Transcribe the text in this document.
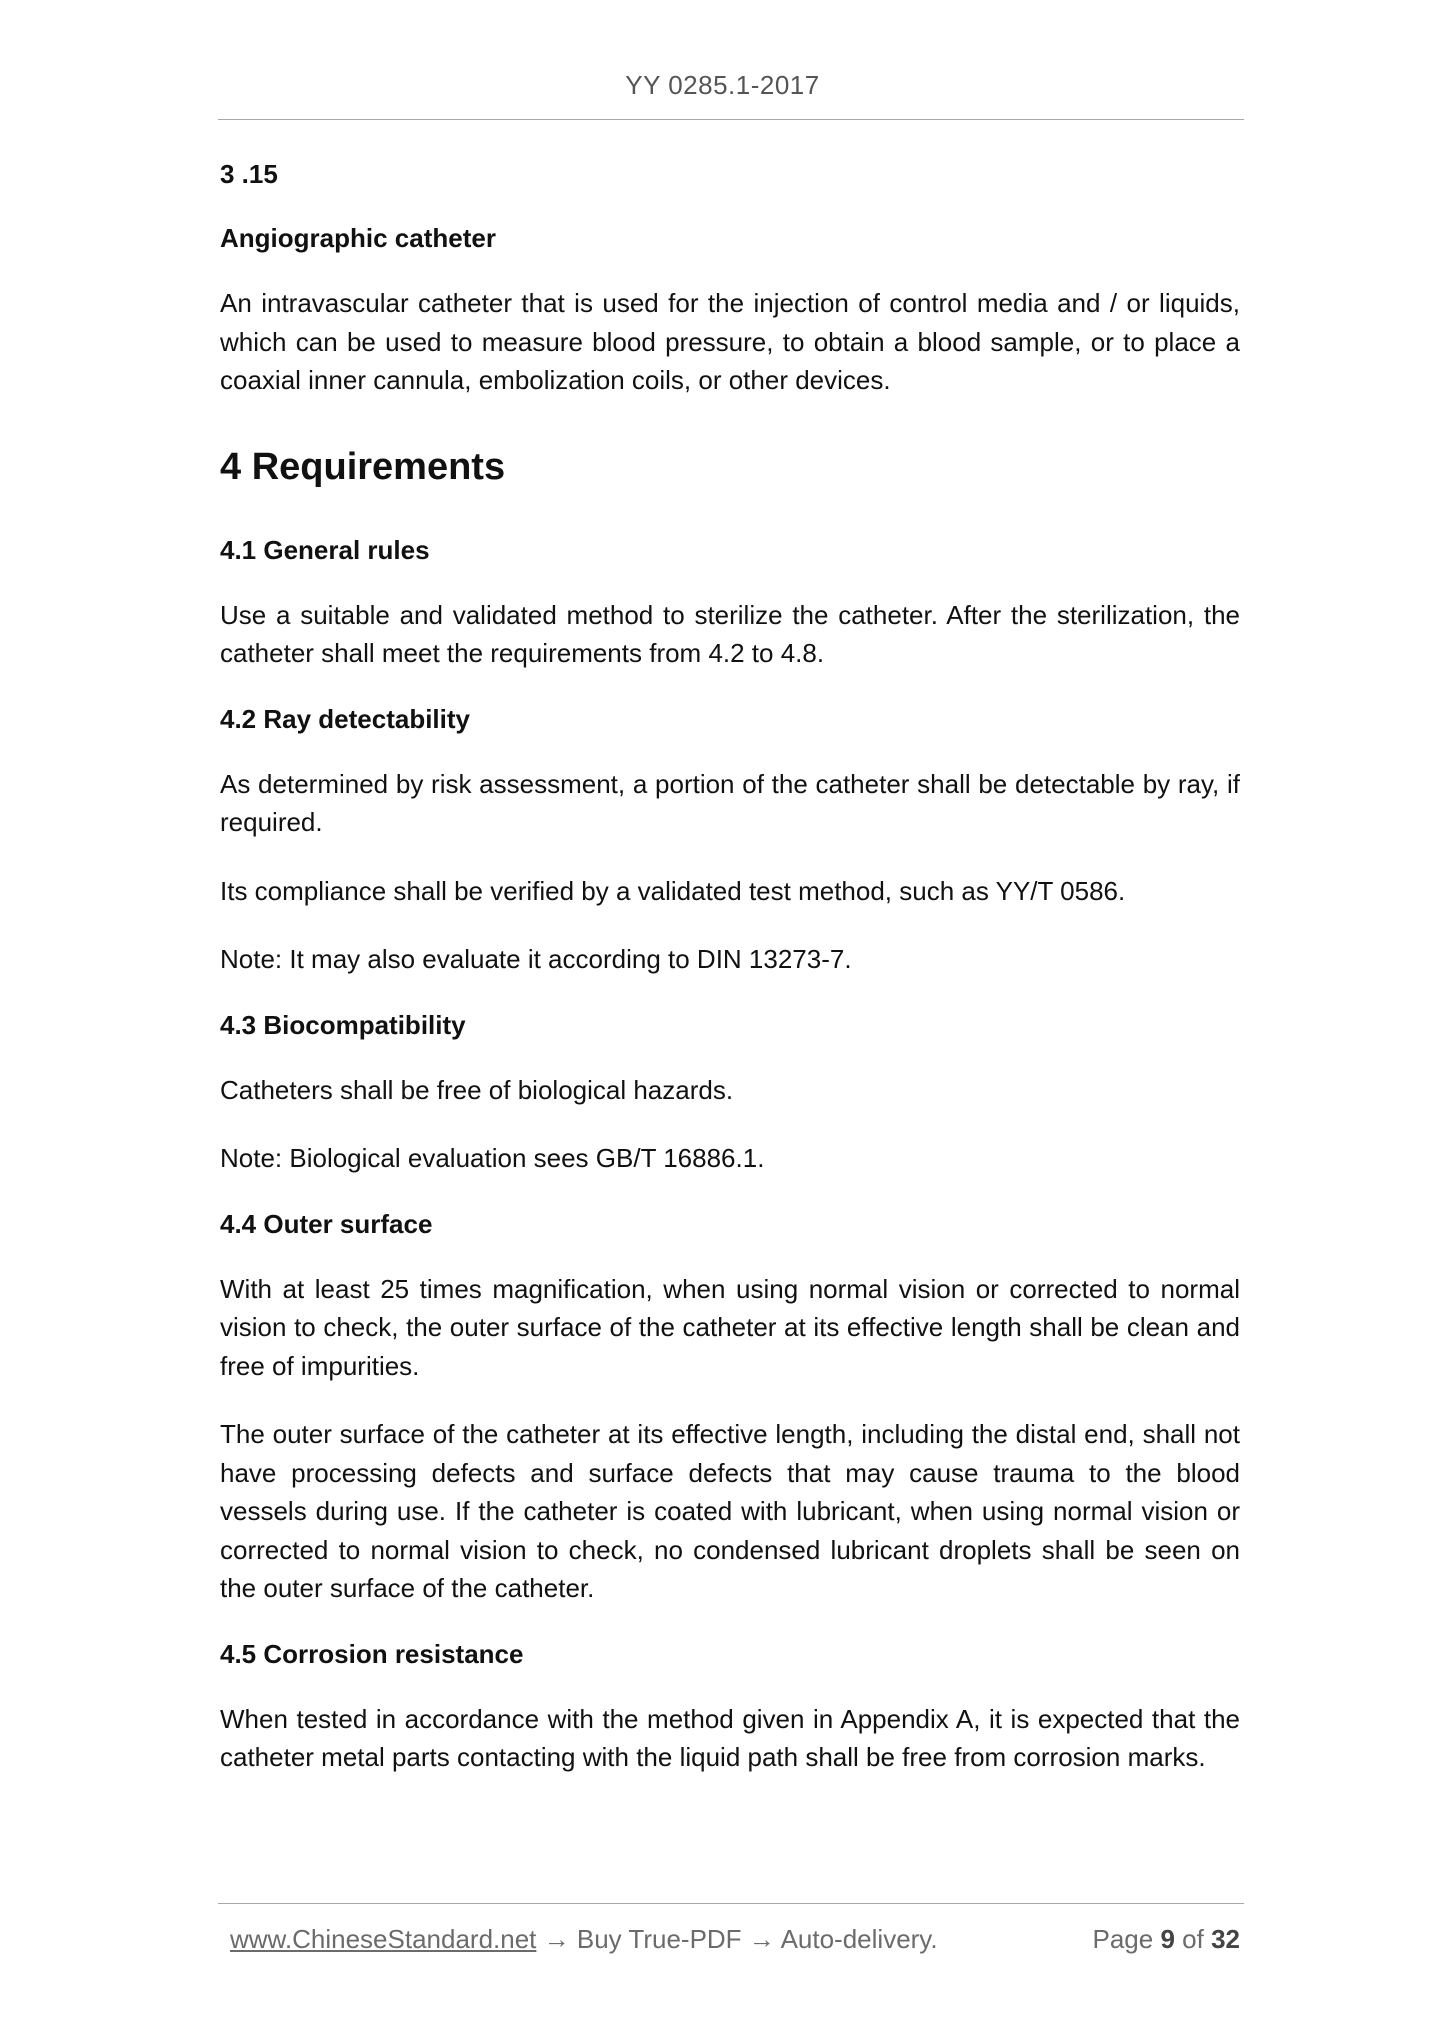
YY 0285.1-2017
3 .15
Angiographic catheter
An intravascular catheter that is used for the injection of control media and / or liquids, which can be used to measure blood pressure, to obtain a blood sample, or to place a coaxial inner cannula, embolization coils, or other devices.
4 Requirements
4.1 General rules
Use a suitable and validated method to sterilize the catheter. After the sterilization, the catheter shall meet the requirements from 4.2 to 4.8.
4.2 Ray detectability
As determined by risk assessment, a portion of the catheter shall be detectable by ray, if required.
Its compliance shall be verified by a validated test method, such as YY/T 0586.
Note: It may also evaluate it according to DIN 13273-7.
4.3 Biocompatibility
Catheters shall be free of biological hazards.
Note: Biological evaluation sees GB/T 16886.1.
4.4 Outer surface
With at least 25 times magnification, when using normal vision or corrected to normal vision to check, the outer surface of the catheter at its effective length shall be clean and free of impurities.
The outer surface of the catheter at its effective length, including the distal end, shall not have processing defects and surface defects that may cause trauma to the blood vessels during use. If the catheter is coated with lubricant, when using normal vision or corrected to normal vision to check, no condensed lubricant droplets shall be seen on the outer surface of the catheter.
4.5 Corrosion resistance
When tested in accordance with the method given in Appendix A, it is expected that the catheter metal parts contacting with the liquid path shall be free from corrosion marks.
www.ChineseStandard.net → Buy True-PDF → Auto-delivery.	Page 9 of 32
